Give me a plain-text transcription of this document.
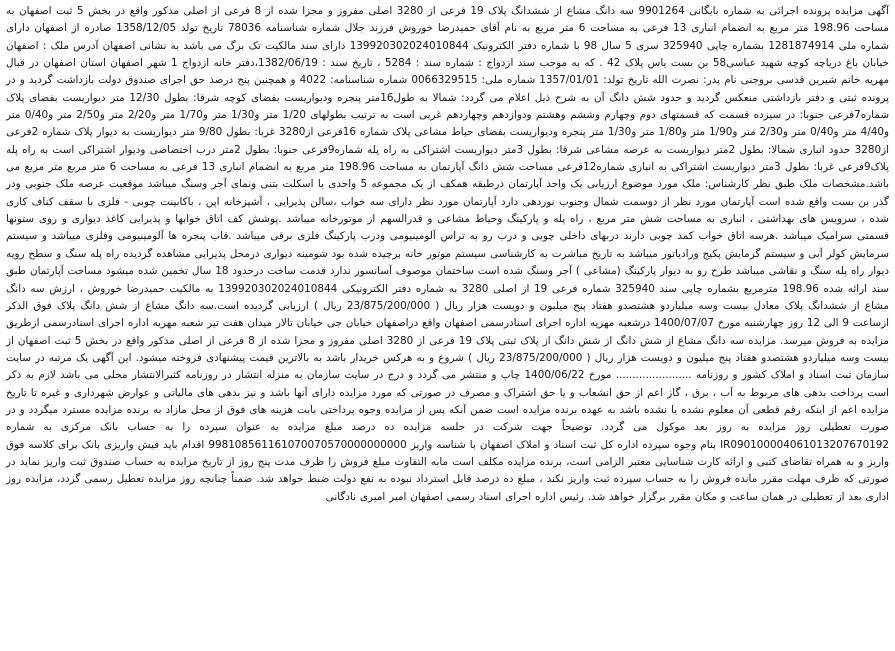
آگهی مزایده پرونده اجرائی به شماره بایگانی 9901264 سه دانگ مشاع از ششدانگ پلاک 19 فرعی از 3280 اصلی مفروز و مجزا شده از 8 فرعی از اصلی مذکور واقع در بخش 5 ثبت اصفهان به مساحت 198.96 متر مربع به انضمام انباری 13 فرعی به مساحت 6 متر مربع به نام آقای حمیدرضا خوروش فرزند جلال شماره شناسنامه 78036 تاریخ تولد 1358/12/05 صادره از اصفهان دارای شماره ملی 1281874914 بشماره چاپی 325940 سری 5 سال 98 با شماره دفتر الکترونیک 139920302024010844 دارای سند مالکیت تک برگ می باشد به نشانی اصفهان آدرس ملک : اصفهان خیابان باغ دریاچه کوچه شهید عباسی58 بن بست یاس پلاک 42 . که به موجب سند ازدواج : شماره سند : 5284 ، تاریخ سند : 1382/06/19،دفتر خانه ازدواج 1 شهر اصفهان استان اصفهان در قبال مهریه خانم شیرین قدسی بروجنی نام پدر: نصرت الله تاریخ تولد: 1357/01/01 شماره ملی: 0066329515 شماره شناسنامه: 4022 و همچنین پنج درصد حق اجرای صندوق دولت بازداشت گردید و در پرونده ثبتی و دفتر بازداشتی منعکس گردید و حدود شش دانگ آن به شرح ذیل اعلام می گردد: شمالا به طول16متر پنجره ودیواریست بفضای کوچه شرقا: بطول 12/30 متر دیواریست بفضای پلاک شماره7فرعی جنوبا: در سیزده قسمت که قسمتهای دوم وچهارم وششم وهشتم ودوازدهم وچهاردهم غربی است به ترتیب بطولهای 1/20 متر و1/30 متر و1/70 متر و2/20 متر و2/50 متر و0/40 متر و4/40 متر و0/40 متر و2/30 متر و1/90 متر و1/80 متر و1/30 متر پنجره ودیواریست بفضای حیاط مشاعی پلاک شماره 16فرعی از3280 غربا: بطول 9/80 متر دیواریست به دیوار پلاک شماره 2فرعی از3280 حدود انباری شمالا: بطول 2متر دیواریست به عرصه مشاعی شرقا: بطول 3متر دیواریست اشتراکی به راه پله شماره9فرعی جنوبا: بطول 2متر درب اختصاصی ودیوار اشتراکی است به راه پله پلاک9فرعی غربا: بطول 3متر دیواریست اشتراکی به انباری شماره12فرعی مساحت شش دانگ آپارتمان به مساحت 198.96 متر مربع به انضمام انباری 13 فرعی به مساحت 6 متر مربع متر مربع می باشد.مشخصات ملک طبق نظر کارشناس: ملک مورد موضوع ارزیابی یک واحد آپارتمان درطبقه همکف از یک مجموعه 5 واحدی با اسکلت بتنی ونمای آجر وسنگ میباشد موقعیت عرصه ملک جنوبی ودر گذر بن بست واقع شده است آپارتمان مورد نظر از دوسمت شمال وجنوب نوردهی دارد آپارتمان مورد نظر دارای سه خواب ،سالن پذیرایی ، آشپزخانه اپن ، باکابینت چوبی - فلزی با سقف کناف کاری شده ، سرویس های بهداشتی ، انباری به مساحت شش متر مربع ، راه پله و پارکینگ وحیاط مشاعی و قدرالسهم از موتورخانه میباشد .پوشش کف اتاق خوابها و پذیرایی کاغذ دیواری و روی ستونها قسمتی سرامیک میباشد .هرسه اتاق خواب کمد چوبی دارند دربهای داخلی چوبی و درب رو به تراس آلومینیومی ودرب پارکینگ فلزی برقی میباشد .قاب پنجره ها آلومینیومی وفلزی میباشد و سیستم سرمایش کولر آبی و سیستم گرمایش پکیج ورادیاتور میباشد به تاریخ مباشرت به کارشناسی سیستم موتور خانه برچیده شده بود شومینه دیواری درمحل پذیرایی مشاهده گردیده راه پله سنگ و سطح رویه دیوار راه پله سنگ و نقاشی میباشد طرح رو به دیوار پارکینگ (مشاعی ) آجر وسنگ شده است ساختمان موصوف آسانسور ندارد قدمت ساخت درحدود 18 سال تخمین شده میشود مساحت آپارتمان طبق سند ارائه شده 198.96 مترمربع بشماره چاپی سند 325940 شماره فرعی 19 از اصلی 3280 به شماره دفتر الکترونیکی 139920302024010844 به مالکیت حمیدرضا خوروش ، ارزش سه دانگ مشاع از ششدانگ پلاک معادل بیست وسه میلیاردو هشتصدو هفتاد پنج میلیون و دویست هزار ریال ( 23/875/200/000 ریال ) ارزیابی گردیده است.سه دانگ مشاع از شش دانگ پلاک فوق الذکر ازساعت 9 الی 12 روز چهارشنبه مورخ 1400/07/07 درشعبه مهریه اداره اجرای اسنادرسمی اصفهان واقع دراصفهان خیابان جی خیابان تالار میدان هفت تیر شعبه مهریه اداره اجرای اسنادرسمی ازطریق مزایده به فروش میرسد. مزایده سه دانگ مشاع از شش دانگ از شش دانگ از پلاک ثبتی پلاک 19 فرعی از 3280 اصلی مفروز و مجزا شده از 8 فرعی از اصلی مذکور واقع در بخش 5 ثبت اصفهان از بیست وسه میلیاردو هشتصدو هفتاد پنج میلیون و دویست هزار ریال ( 23/875/200/000 ریال ) شروع و به هرکس خریدار باشد به بالاترین قیمت پیشنهادی فروخته میشود. این آگهی یک مرتبه در سایت سازمان ثبت اسناد و املاک کشور و روزنامه ....................... مورخ 1400/06/22 چاپ و منتشر می گردد و درج در سایت سازمان به منزله انتشار در روزنامه کثیرالانتشار محلی می باشد لازم به ذکر است پرداخت بدهی های مربوط به آب ، برق ، گاز اعم از حق انشعاب و یا حق اشتراک و مصرف در صورتی که مورد مزایده دارای آنها باشد و نیز بدهی های مالیاتی و عوارض شهرداری و غیره تا تاریخ مزایده اعم از اینکه رقم قطعی آن معلوم نشده یا نشده باشد به عهده برنده مزایده است ضمن آنکه پس از مزایده وجوه پرداختی بابت هزینه های فوق از محل مازاد به برنده مزایده مسترد میگردد و در صورت تعطیلی روز مزایده به روز بعد موکول می گردد. توضیحاً جهت شرکت در جلسه مزایده ده درصد مبلغ مزایده به عنوان سپرده را به حساب بانک مرکزی به شماره IR090100004061013207670192 بنام وجوه سپرده اداره کل ثبت اسناد و املاک اصفهان با شناسه واریز 998108561161070070570000000000 اقدام باید فیش واریزی بانک برای کلاسه فوق واریز و به همراه تقاضای کتبی و ارائه کارت شناسایی معتبر الزامی است، برنده مزایده مکلف است مابه التفاوت مبلغ فروش را ظرف مدت پنج روز از تاریخ مزایده به حساب صندوق ثبت واریز نماید در صورتی که ظرف مهلت مقرر مانده فروش را به حساب سپرده ثبت واریز نکند ، مبلغ ده درصد قابل استرداد نبوده به نفع دولت ضبط خواهد شد. ضمناً چنانچه روز مزایده تعطیل رسمی گردد، مزایده روز اداری بعد از تعطیلی در همان ساعت و مکان مقرر برگزار خواهد شد. رئیس اداره اجرای اسناد رسمی اصفهان امیر امیری نادگانی
